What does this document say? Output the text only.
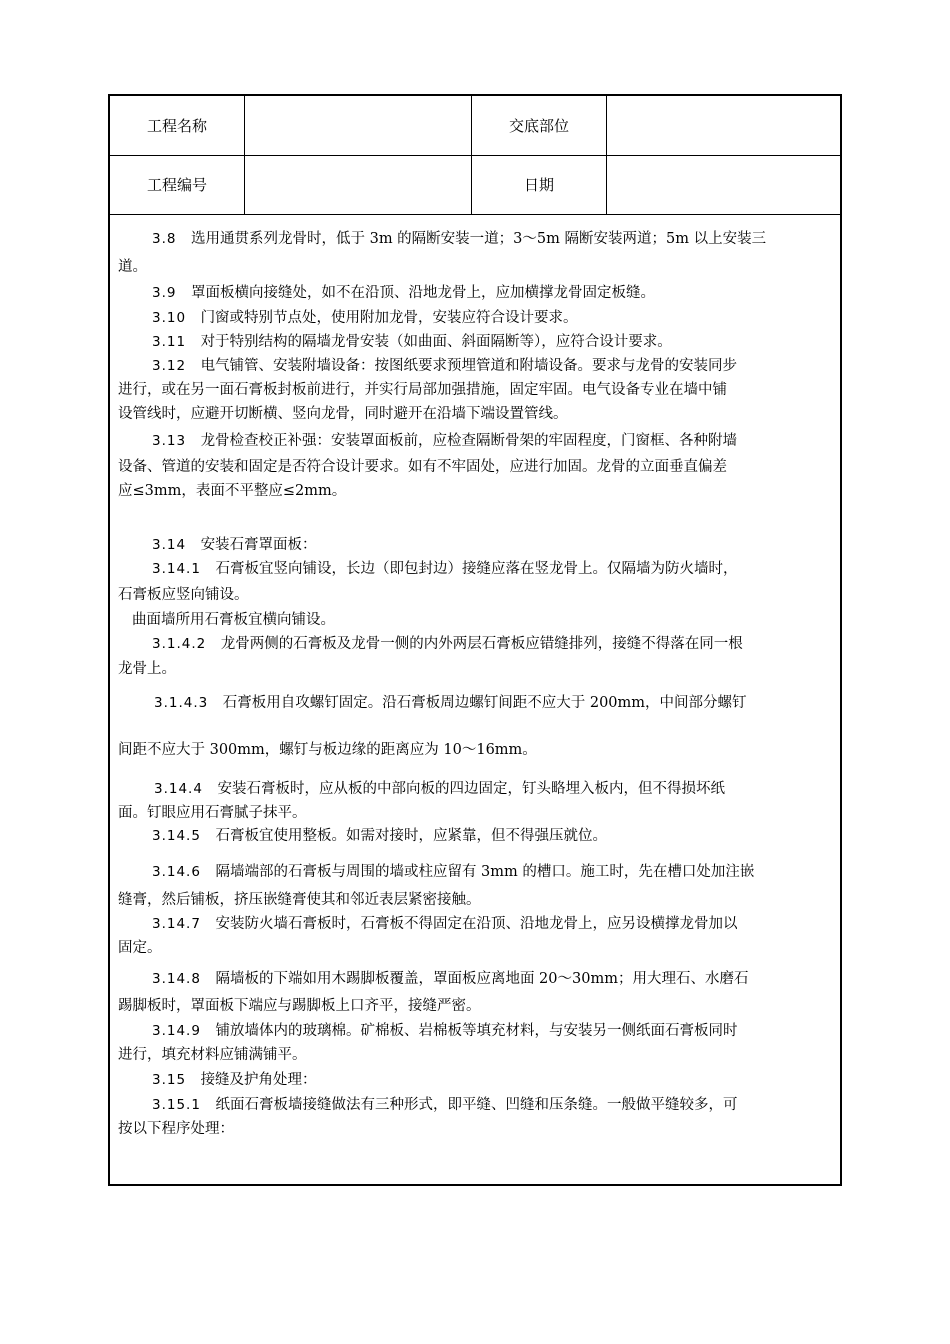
工程名称	交底部位
工程编号	日期
3.8  选用通贯系列龙骨时，低于 3m 的隔断安装一道；3～5m 隔断安装两道；5m 以上安装三
道。
3.9  罩面板横向接缝处，如不在沿顶、沿地龙骨上，应加横撑龙骨固定板缝。
3.10  门窗或特别节点处，使用附加龙骨，安装应符合设计要求。
3.11  对于特别结构的隔墙龙骨安装（如曲面、斜面隔断等），应符合设计要求。
3.12  电气铺管、安装附墙设备：按图纸要求预埋管道和附墙设备。要求与龙骨的安装同步
进行，或在另一面石膏板封板前进行，并实行局部加强措施，固定牢固。电气设备专业在墙中铺
设管线时，应避开切断横、竖向龙骨，同时避开在沿墙下端设置管线。
3.13  龙骨检查校正补强：安装罩面板前，应检查隔断骨架的牢固程度，门窗框、各种附墙
设备、管道的安装和固定是否符合设计要求。如有不牢固处，应进行加固。龙骨的立面垂直偏差
应≤3mm，表面不平整应≤2mm。
3.14  安装石膏罩面板：
3.14.1  石膏板宜竖向铺设，长边（即包封边）接缝应落在竖龙骨上。仅隔墙为防火墙时，
石膏板应竖向铺设。
曲面墙所用石膏板宜横向铺设。
3.1.4.2  龙骨两侧的石膏板及龙骨一侧的内外两层石膏板应错缝排列，接缝不得落在同一根
龙骨上。
3.1.4.3  石膏板用自攻螺钉固定。沿石膏板周边螺钉间距不应大于 200mm，中间部分螺钉
间距不应大于 300mm，螺钉与板边缘的距离应为 10～16mm。
3.14.4  安装石膏板时，应从板的中部向板的四边固定，钉头略埋入板内，但不得损坏纸
面。钉眼应用石膏腻子抹平。
3.14.5  石膏板宜使用整板。如需对接时，应紧靠，但不得强压就位。
3.14.6  隔墙端部的石膏板与周围的墙或柱应留有 3mm 的槽口。施工时，先在槽口处加注嵌
缝膏，然后铺板，挤压嵌缝膏使其和邻近表层紧密接触。
3.14.7  安装防火墙石膏板时，石膏板不得固定在沿顶、沿地龙骨上，应另设横撑龙骨加以
固定。
3.14.8  隔墙板的下端如用木踢脚板覆盖，罩面板应离地面 20～30mm；用大理石、水磨石
踢脚板时，罩面板下端应与踢脚板上口齐平，接缝严密。
3.14.9  铺放墙体内的玻璃棉。矿棉板、岩棉板等填充材料，与安装另一侧纸面石膏板同时
进行，填充材料应铺满铺平。
3.15  接缝及护角处理：
3.15.1  纸面石膏板墙接缝做法有三种形式，即平缝、凹缝和压条缝。一般做平缝较多，可
按以下程序处理：
